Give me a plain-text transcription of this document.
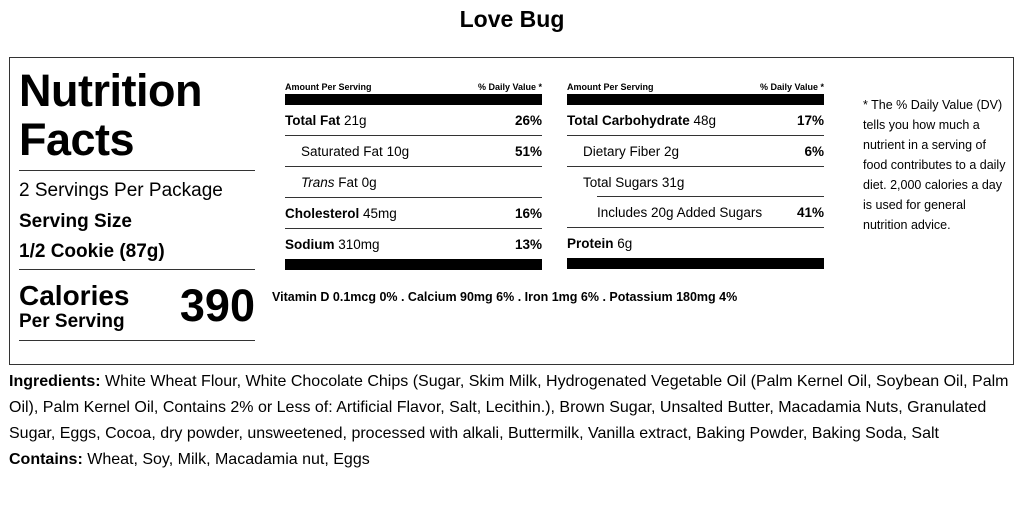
Love Bug
Nutrition
Facts
2 Servings Per Package
Serving Size
1/2 Cookie (87g)
Calories
Per Serving 390
Amount Per Serving	% Daily Value *
Total Fat 21g	26%
Saturated Fat 10g	51%
Trans Fat 0g
Cholesterol 45mg	16%
Sodium 310mg	13%
Amount Per Serving	% Daily Value *
Total Carbohydrate 48g	17%
Dietary Fiber 2g	6%
Total Sugars 31g
Includes 20g Added Sugars	41%
Protein 6g
Vitamin D 0.1mcg 0% . Calcium 90mg 6% . Iron 1mg 6% . Potassium 180mg 4%
* The % Daily Value (DV) tells you how much a nutrient in a serving of food contributes to a daily diet. 2,000 calories a day is used for general nutrition advice.
Ingredients: White Wheat Flour, White Chocolate Chips (Sugar, Skim Milk, Hydrogenated Vegetable Oil (Palm Kernel Oil, Soybean Oil, Palm Oil), Palm Kernel Oil, Contains 2% or Less of: Artificial Flavor, Salt, Lecithin.), Brown Sugar, Unsalted Butter, Macadamia Nuts, Granulated Sugar, Eggs, Cocoa, dry powder, unsweetened, processed with alkali, Buttermilk, Vanilla extract, Baking Powder, Baking Soda, Salt
Contains: Wheat, Soy, Milk, Macadamia nut, Eggs
